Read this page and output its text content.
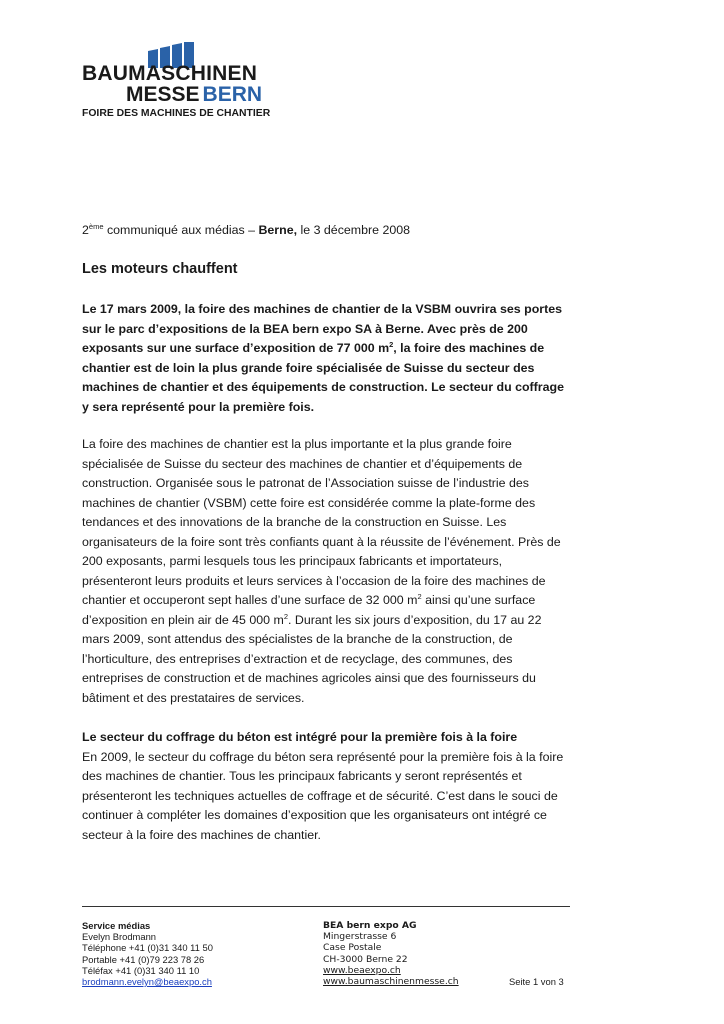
BAUMASCHINEN
MESSE BERN
FOIRE DES MACHINES DE CHANTIER
2ème communiqué aux médias – Berne, le 3 décembre 2008
Les moteurs chauffent
Le 17 mars 2009, la foire des machines de chantier de la VSBM ouvrira ses portes
sur le parc d’expositions de la BEA bern expo SA à Berne. Avec près de 200
exposants sur une surface d’exposition de 77 000 $m^2$, la foire des machines de
chantier est de loin la plus grande foire spécialisée de Suisse du secteur des
machines de chantier et des équipements de construction. Le secteur du coffrage
y sera représenté pour la première fois.
La foire des machines de chantier est la plus importante et la plus grande foire
spécialisée de Suisse du secteur des machines de chantier et d’équipements de
construction. Organisée sous le patronat de l’Association suisse de l’industrie des
machines de chantier (VSBM) cette foire est considérée comme la plate-forme des
tendances et des innovations de la branche de la construction en Suisse. Les
organisateurs de la foire sont très confiants quant à la réussite de l’événement. Près de
200 exposants, parmi lesquels tous les principaux fabricants et importateurs,
présenteront leurs produits et leurs services à l’occasion de la foire des machines de
chantier et occuperont sept halles d’une surface de 32 000 $m^2$ ainsi qu’une surface
d’exposition en plein air de 45 000 $m^2$. Durant les six jours d’exposition, du 17 au 22
mars 2009, sont attendus des spécialistes de la branche de la construction, de
l’horticulture, des entreprises d’extraction et de recyclage, des communes, des
entreprises de construction et de machines agricoles ainsi que des fournisseurs du
bâtiment et des prestataires de services.
Le secteur du coffrage du béton est intégré pour la première fois à la foire
En 2009, le secteur du coffrage du béton sera représenté pour la première fois à la foire
des machines de chantier. Tous les principaux fabricants y seront représentés et
présenteront les techniques actuelles de coffrage et de sécurité. C’est dans le souci de
continuer à compléter les domaines d’exposition que les organisateurs ont intégré ce
secteur à la foire des machines de chantier.
Service médias
Evelyn Brodmann
Téléphone +41 (0)31 340 11 50
Portable +41 (0)79 223 78 26
Téléfax +41 (0)31 340 11 10
brodmann.evelyn@beaexpo.ch
BEA bern expo AG
Mingerstrasse 6
Case Postale
CH-3000 Berne 22
www.beaexpo.ch
www.baumaschinenmesse.ch	Seite 1 von 3
